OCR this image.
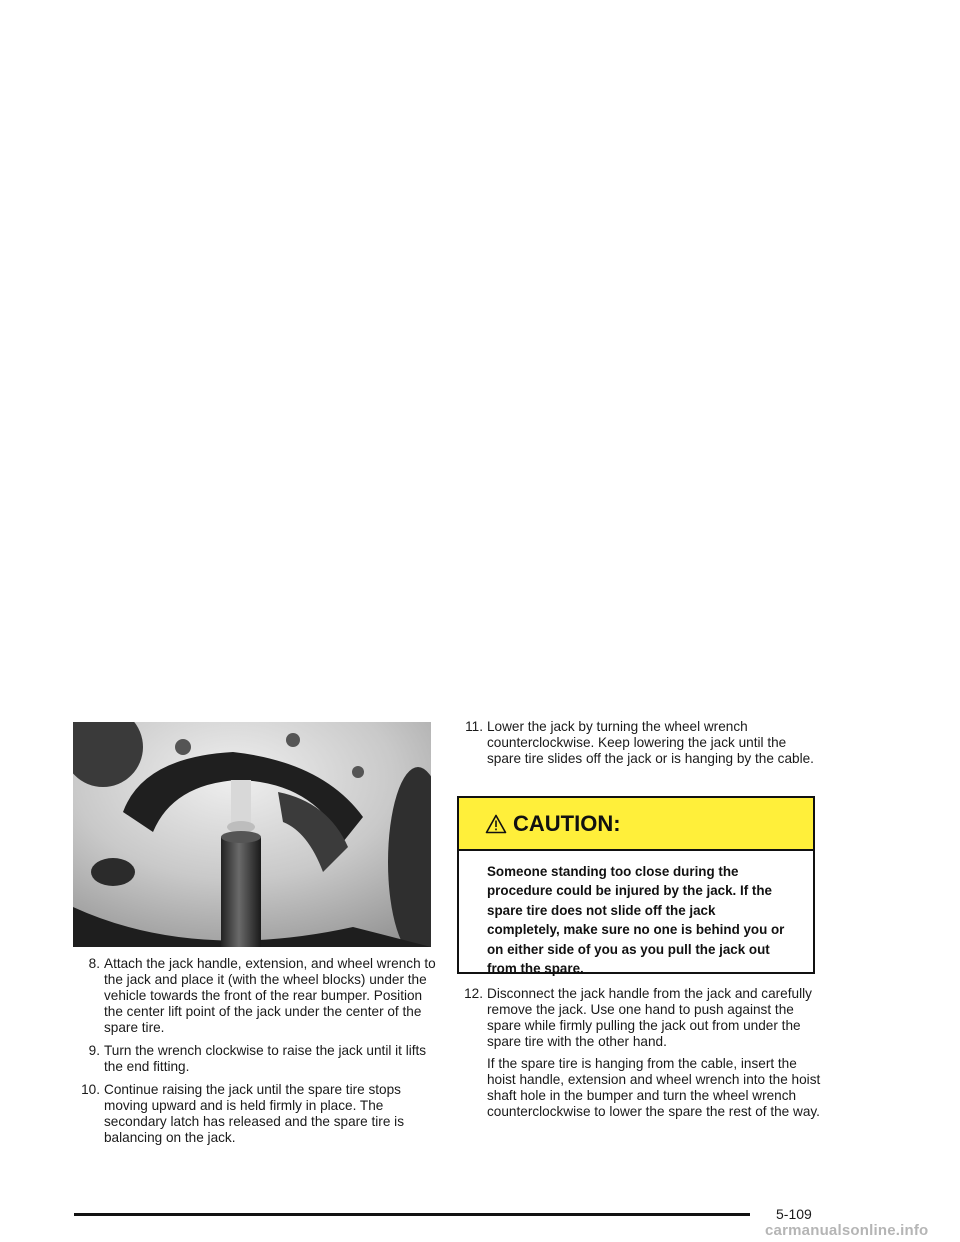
8. Attach the jack handle, extension, and wheel wrench to the jack and place it (with the wheel blocks) under the vehicle towards the front of the rear bumper. Position the center lift point of the jack under the center of the spare tire.
9. Turn the wrench clockwise to raise the jack until it lifts the end fitting.
10. Continue raising the jack until the spare tire stops moving upward and is held firmly in place. The secondary latch has released and the spare tire is balancing on the jack.
11. Lower the jack by turning the wheel wrench counterclockwise. Keep lowering the jack until the spare tire slides off the jack or is hanging by the cable.
CAUTION:
Someone standing too close during the procedure could be injured by the jack. If the spare tire does not slide off the jack completely, make sure no one is behind you or on either side of you as you pull the jack out from the spare.
12. Disconnect the jack handle from the jack and carefully remove the jack. Use one hand to push against the spare while firmly pulling the jack out from under the spare tire with the other hand.
If the spare tire is hanging from the cable, insert the hoist handle, extension and wheel wrench into the hoist shaft hole in the bumper and turn the wheel wrench counterclockwise to lower the spare the rest of the way.
5-109
carmanualsonline.info
